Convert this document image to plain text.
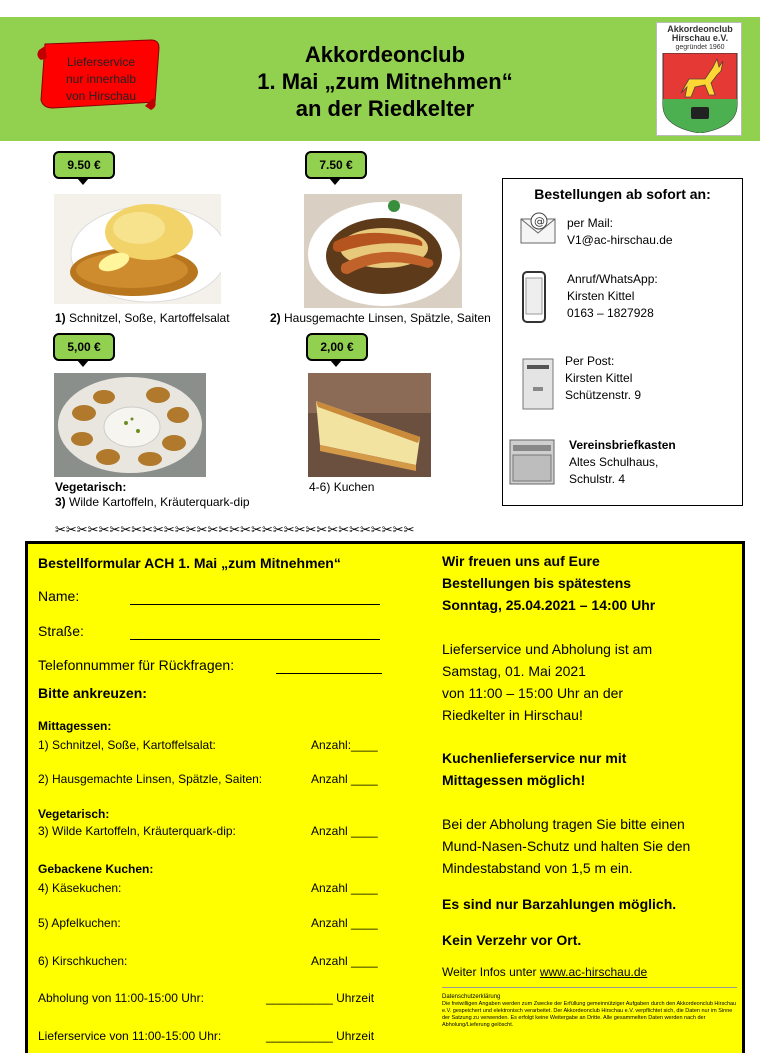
Lieferservice
nur innerhalb
von Hirschau
Akkordeonclub
1. Mai „zum Mitnehmen“
an der Riedkelter
Akkordeonclub
Hirschau e.V.
gegründet 1960
9.50 €
1) Schnitzel, Soße, Kartoffelsalat
7.50 €
2) Hausgemachte Linsen, Spätzle, Saiten
5,00 €
Vegetarisch:
3) Wilde Kartoffeln, Kräuterquark-dip
2,00 €
4-6) Kuchen
Bestellungen ab sofort an:
@ per Mail:
V1@ac-hirschau.de
Anruf/WhatsApp:
Kirsten Kittel
0163 – 1827928
Per Post:
Kirsten Kittel
Schützenstr. 9
Vereinsbriefkasten
Altes Schulhaus,
Schulstr. 4
✂✂✂✂✂✂✂✂✂✂✂✂✂✂✂✂✂✂✂✂✂✂✂✂✂✂✂✂✂✂✂✂✂
Bestellformular ACH 1. Mai „zum Mitnehmen“
Name:
Straße:
Telefonnummer für Rückfragen:
Bitte ankreuzen:
Mittagessen:
1) Schnitzel, Soße, Kartoffelsalat:	Anzahl:____
2) Hausgemachte Linsen, Spätzle, Saiten:	Anzahl ____
Vegetarisch:
3) Wilde Kartoffeln, Kräuterquark-dip:	Anzahl ____
Gebackene Kuchen:
4) Käsekuchen:	Anzahl ____
5) Apfelkuchen:	Anzahl ____
6) Kirschkuchen:	Anzahl ____
Abholung von 11:00-15:00 Uhr:	__________ Uhrzeit
Lieferservice von 11:00-15:00 Uhr:	__________ Uhrzeit
Wir freuen uns auf Eure
Bestellungen bis spätestens
Sonntag, 25.04.2021 – 14:00 Uhr
Lieferservice und Abholung ist am
Samstag, 01. Mai 2021
von 11:00 – 15:00 Uhr an der
Riedkelter in Hirschau!
Kuchenlieferservice nur mit
Mittagessen möglich!
Bei der Abholung tragen Sie bitte einen
Mund-Nasen-Schutz und halten Sie den
Mindestabstand von 1,5 m ein.
Es sind nur Barzahlungen möglich.
Kein Verzehr vor Ort.
Weiter Infos unter www.ac-hirschau.de
Datenschutzerklärung
Die freiwilligen Angaben werden zum Zwecke der Erfüllung gemeinnütziger Aufgaben durch den Akkordeonclub Hirschau e.V. gespeichert und elektronisch verarbeitet. Der Akkordeonclub Hirschau e.V. verpflichtet sich, die Daten nur im Sinne der Satzung zu verwenden. Es erfolgt keine Weitergabe an Dritte. Alle gesammelten Daten werden nach der Abholung/Lieferung gelöscht.
